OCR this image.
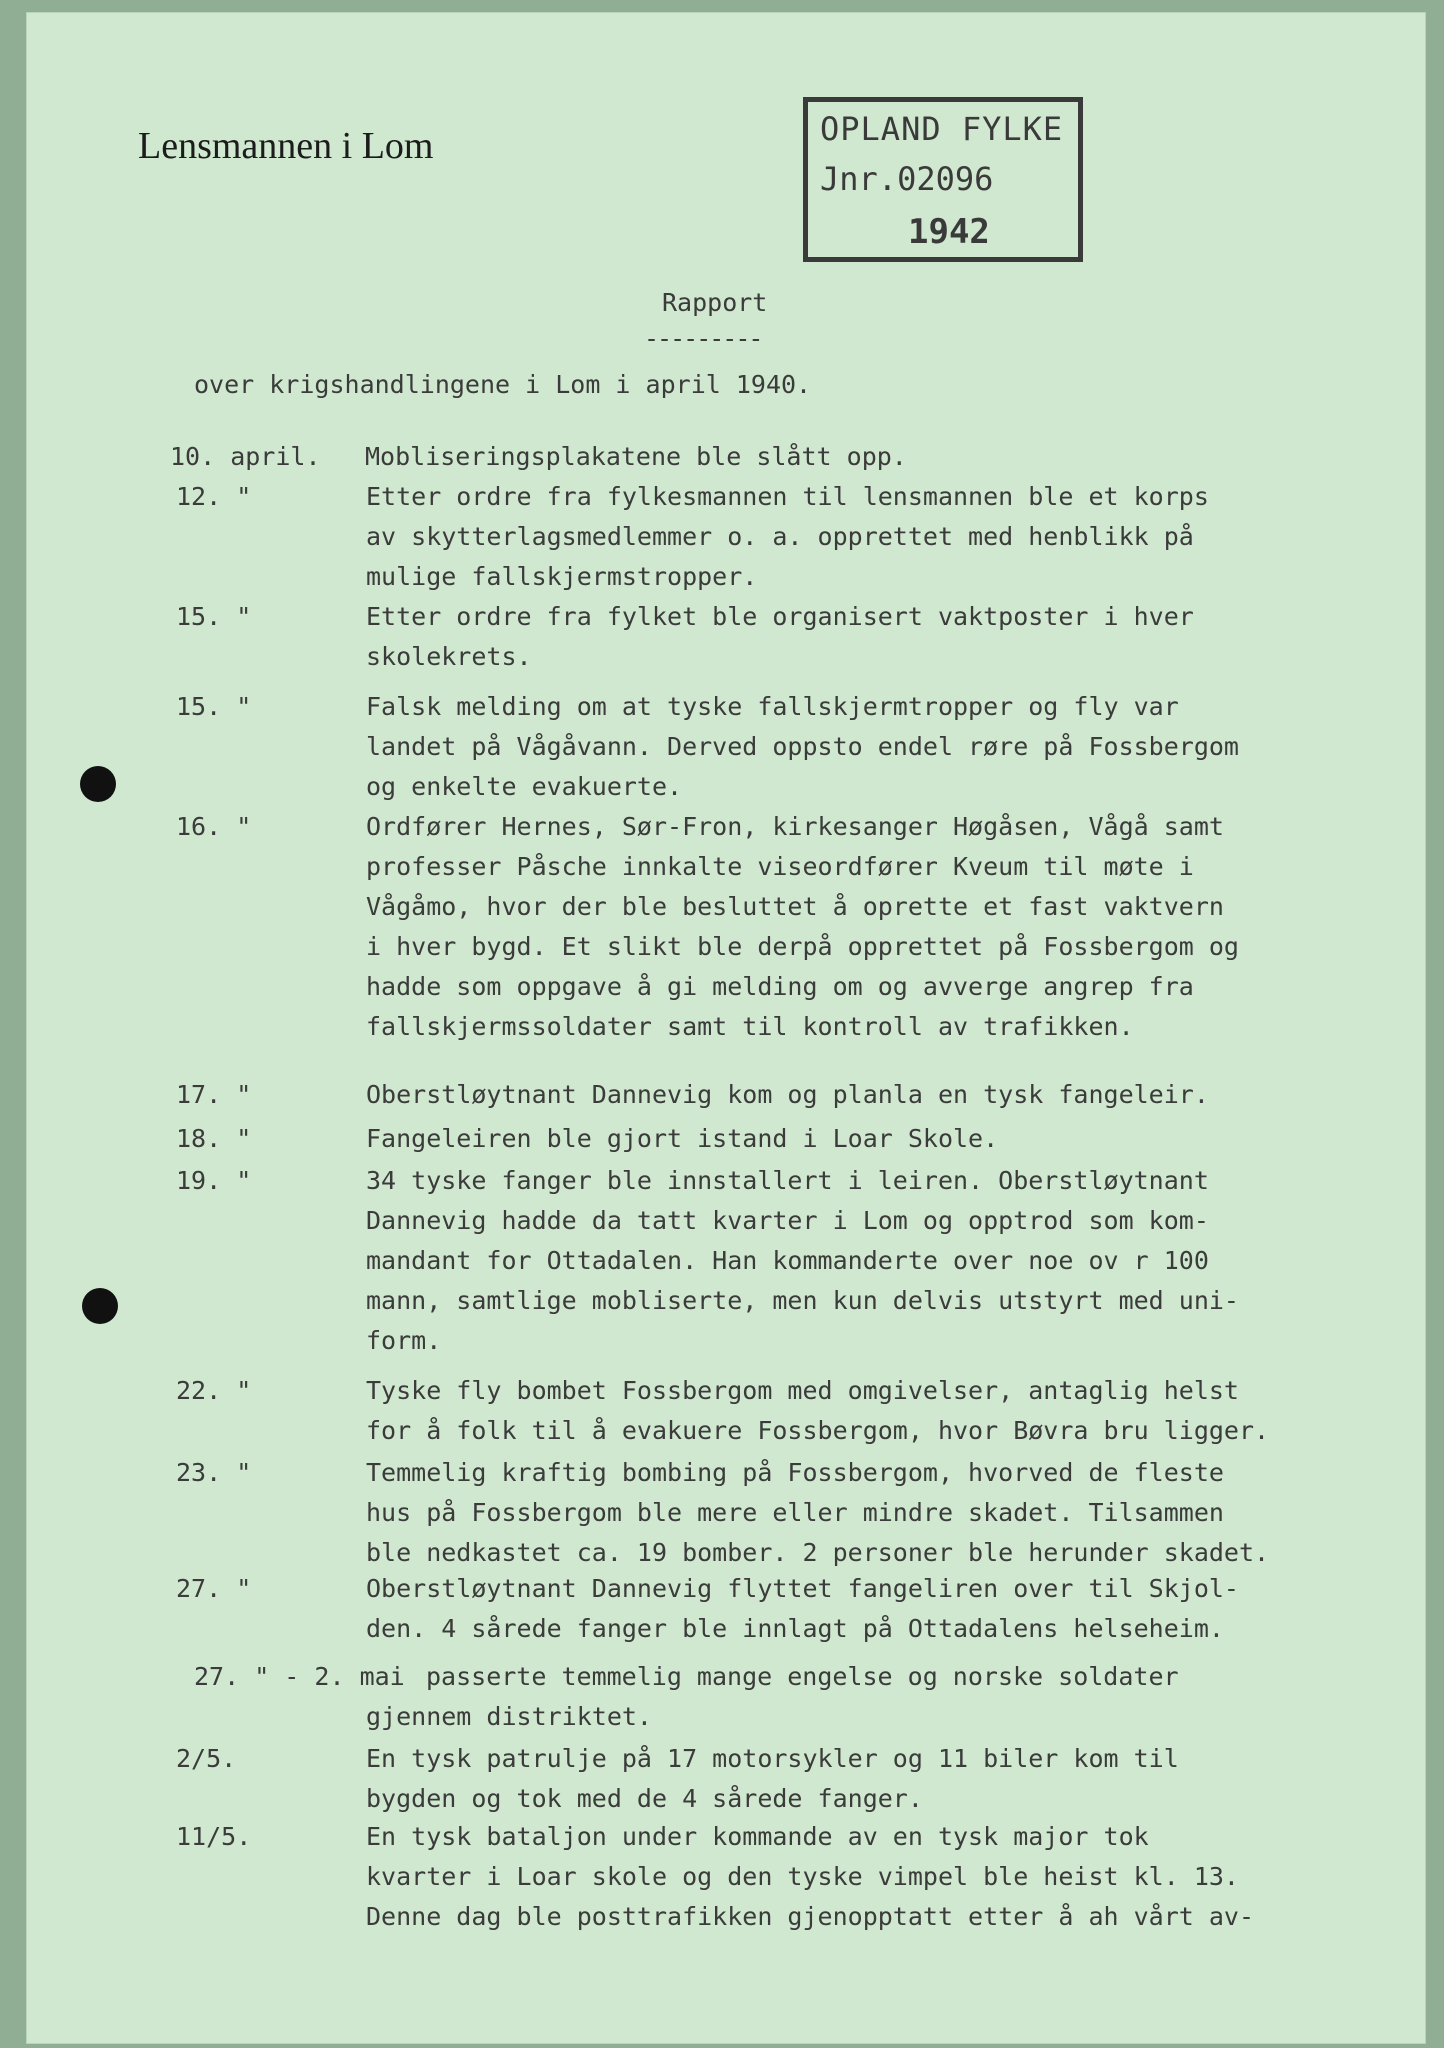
Lensmannen i Lom	OPLAND FYLKE
Jnr.02096
1942
Rapport
---------
over krigshandlingene i Lom i april 1940.
10. april. Mobliseringsplakatene ble slått opp.
12. "	Etter ordre fra fylkesmannen til lensmannen ble et korps
av skytterlagsmedlemmer o. a. opprettet med henblikk på
mulige fallskjermstropper.
15. "	Etter ordre fra fylket ble organisert vaktposter i hver
skolekrets.
15. "	Falsk melding om at tyske fallskjermtropper og fly var
landet på Vågåvann. Derved oppsto endel røre på Fossbergom
og enkelte evakuerte.
16. "	Ordfører Hernes, Sør-Fron, kirkesanger Høgåsen, Vågå samt
professer Påsche innkalte viseordfører Kveum til møte i
Vågåmo, hvor der ble besluttet å oprette et fast vaktvern
i hver bygd. Et slikt ble derpå opprettet på Fossbergom og
hadde som oppgave å gi melding om og avverge angrep fra
fallskjermssoldater samt til kontroll av trafikken.
17. "	Oberstløytnant Dannevig kom og planla en tysk fangeleir.
18. "	Fangeleiren ble gjort istand i Loar Skole.
19. "	34 tyske fanger ble innstallert i leiren. Oberstløytnant
Dannevig hadde da tatt kvarter i Lom og opptrod som kom-
mandant for Ottadalen. Han kommanderte over noe ov r 100
mann, samtlige mobliserte, men kun delvis utstyrt med uni-
form.
22. "	Tyske fly bombet Fossbergom med omgivelser, antaglig helst
for å folk til å evakuere Fossbergom, hvor Bøvra bru ligger.
23. "	Temmelig kraftig bombing på Fossbergom, hvorved de fleste
hus på Fossbergom ble mere eller mindre skadet. Tilsammen
ble nedkastet ca. 19 bomber. 2 personer ble herunder skadet.
27. "	Oberstløytnant Dannevig flyttet fangeliren over til Skjol-
den. 4 sårede fanger ble innlagt på Ottadalens helseheim.
27. " - 2. mai passerte temmelig mange engelse og norske soldater
gjennem distriktet.
2/5.	En tysk patrulje på 17 motorsykler og 11 biler kom til
bygden og tok med de 4 sårede fanger.
11/5.	En tysk bataljon under kommande av en tysk major tok
kvarter i Loar skole og den tyske vimpel ble heist kl. 13.
Denne dag ble posttrafikken gjenopptatt etter å ah vårt av-
